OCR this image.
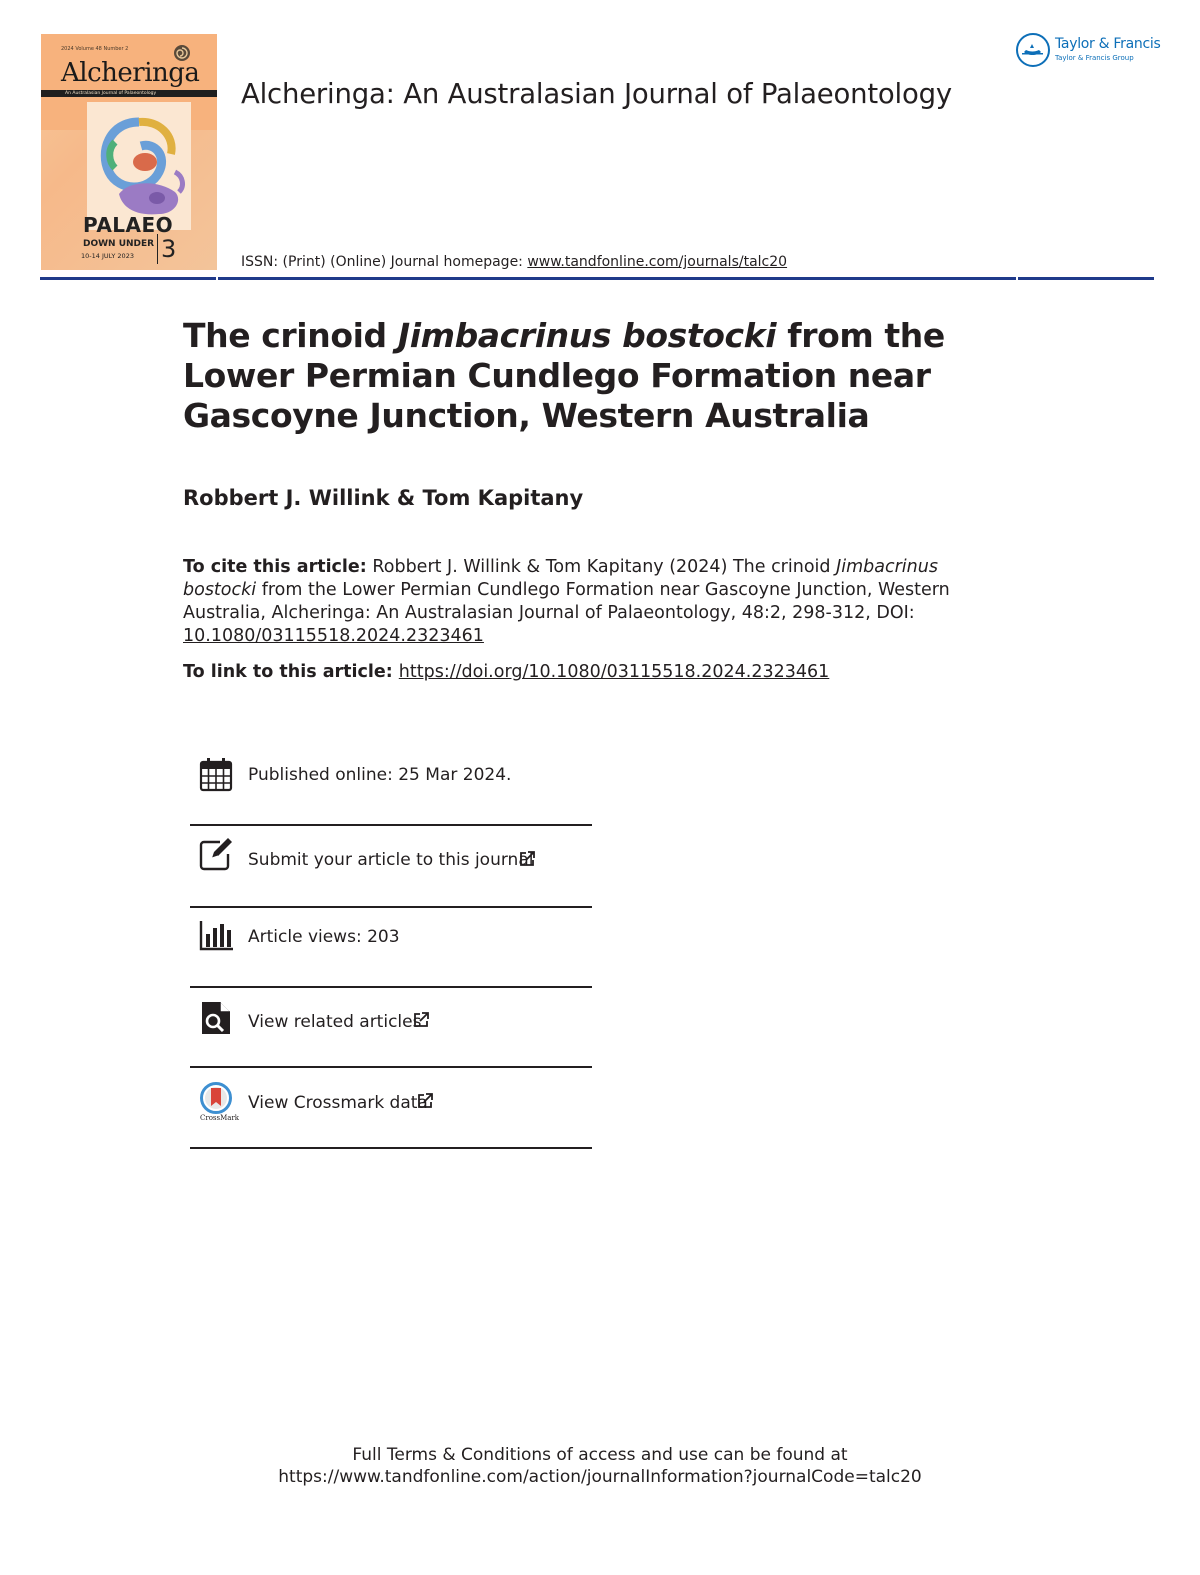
2024 Volume 48 Number 2
Alcheringa
An Australasian Journal of Palaeontology
PALAEO
DOWN UNDER
10-14 JULY 2023 3
Alcheringa: An Australasian Journal of Palaeontology
ISSN: (Print) (Online) Journal homepage: www.tandfonline.com/journals/talc20
Taylor & Francis
Taylor & Francis Group
The crinoid Jimbacrinus bostocki from the Lower Permian Cundlego Formation near Gascoyne Junction, Western Australia
Robbert J. Willink & Tom Kapitany
To cite this article: Robbert J. Willink & Tom Kapitany (2024) The crinoid Jimbacrinus bostocki from the Lower Permian Cundlego Formation near Gascoyne Junction, Western Australia, Alcheringa: An Australasian Journal of Palaeontology, 48:2, 298-312, DOI: 10.1080/03115518.2024.2323461
To link to this article: https://doi.org/10.1080/03115518.2024.2323461
Published online: 25 Mar 2024.
Submit your article to this journal
Article views: 203
View related articles
CrossMark
View Crossmark data
Full Terms & Conditions of access and use can be found at
https://www.tandfonline.com/action/journalInformation?journalCode=talc20
